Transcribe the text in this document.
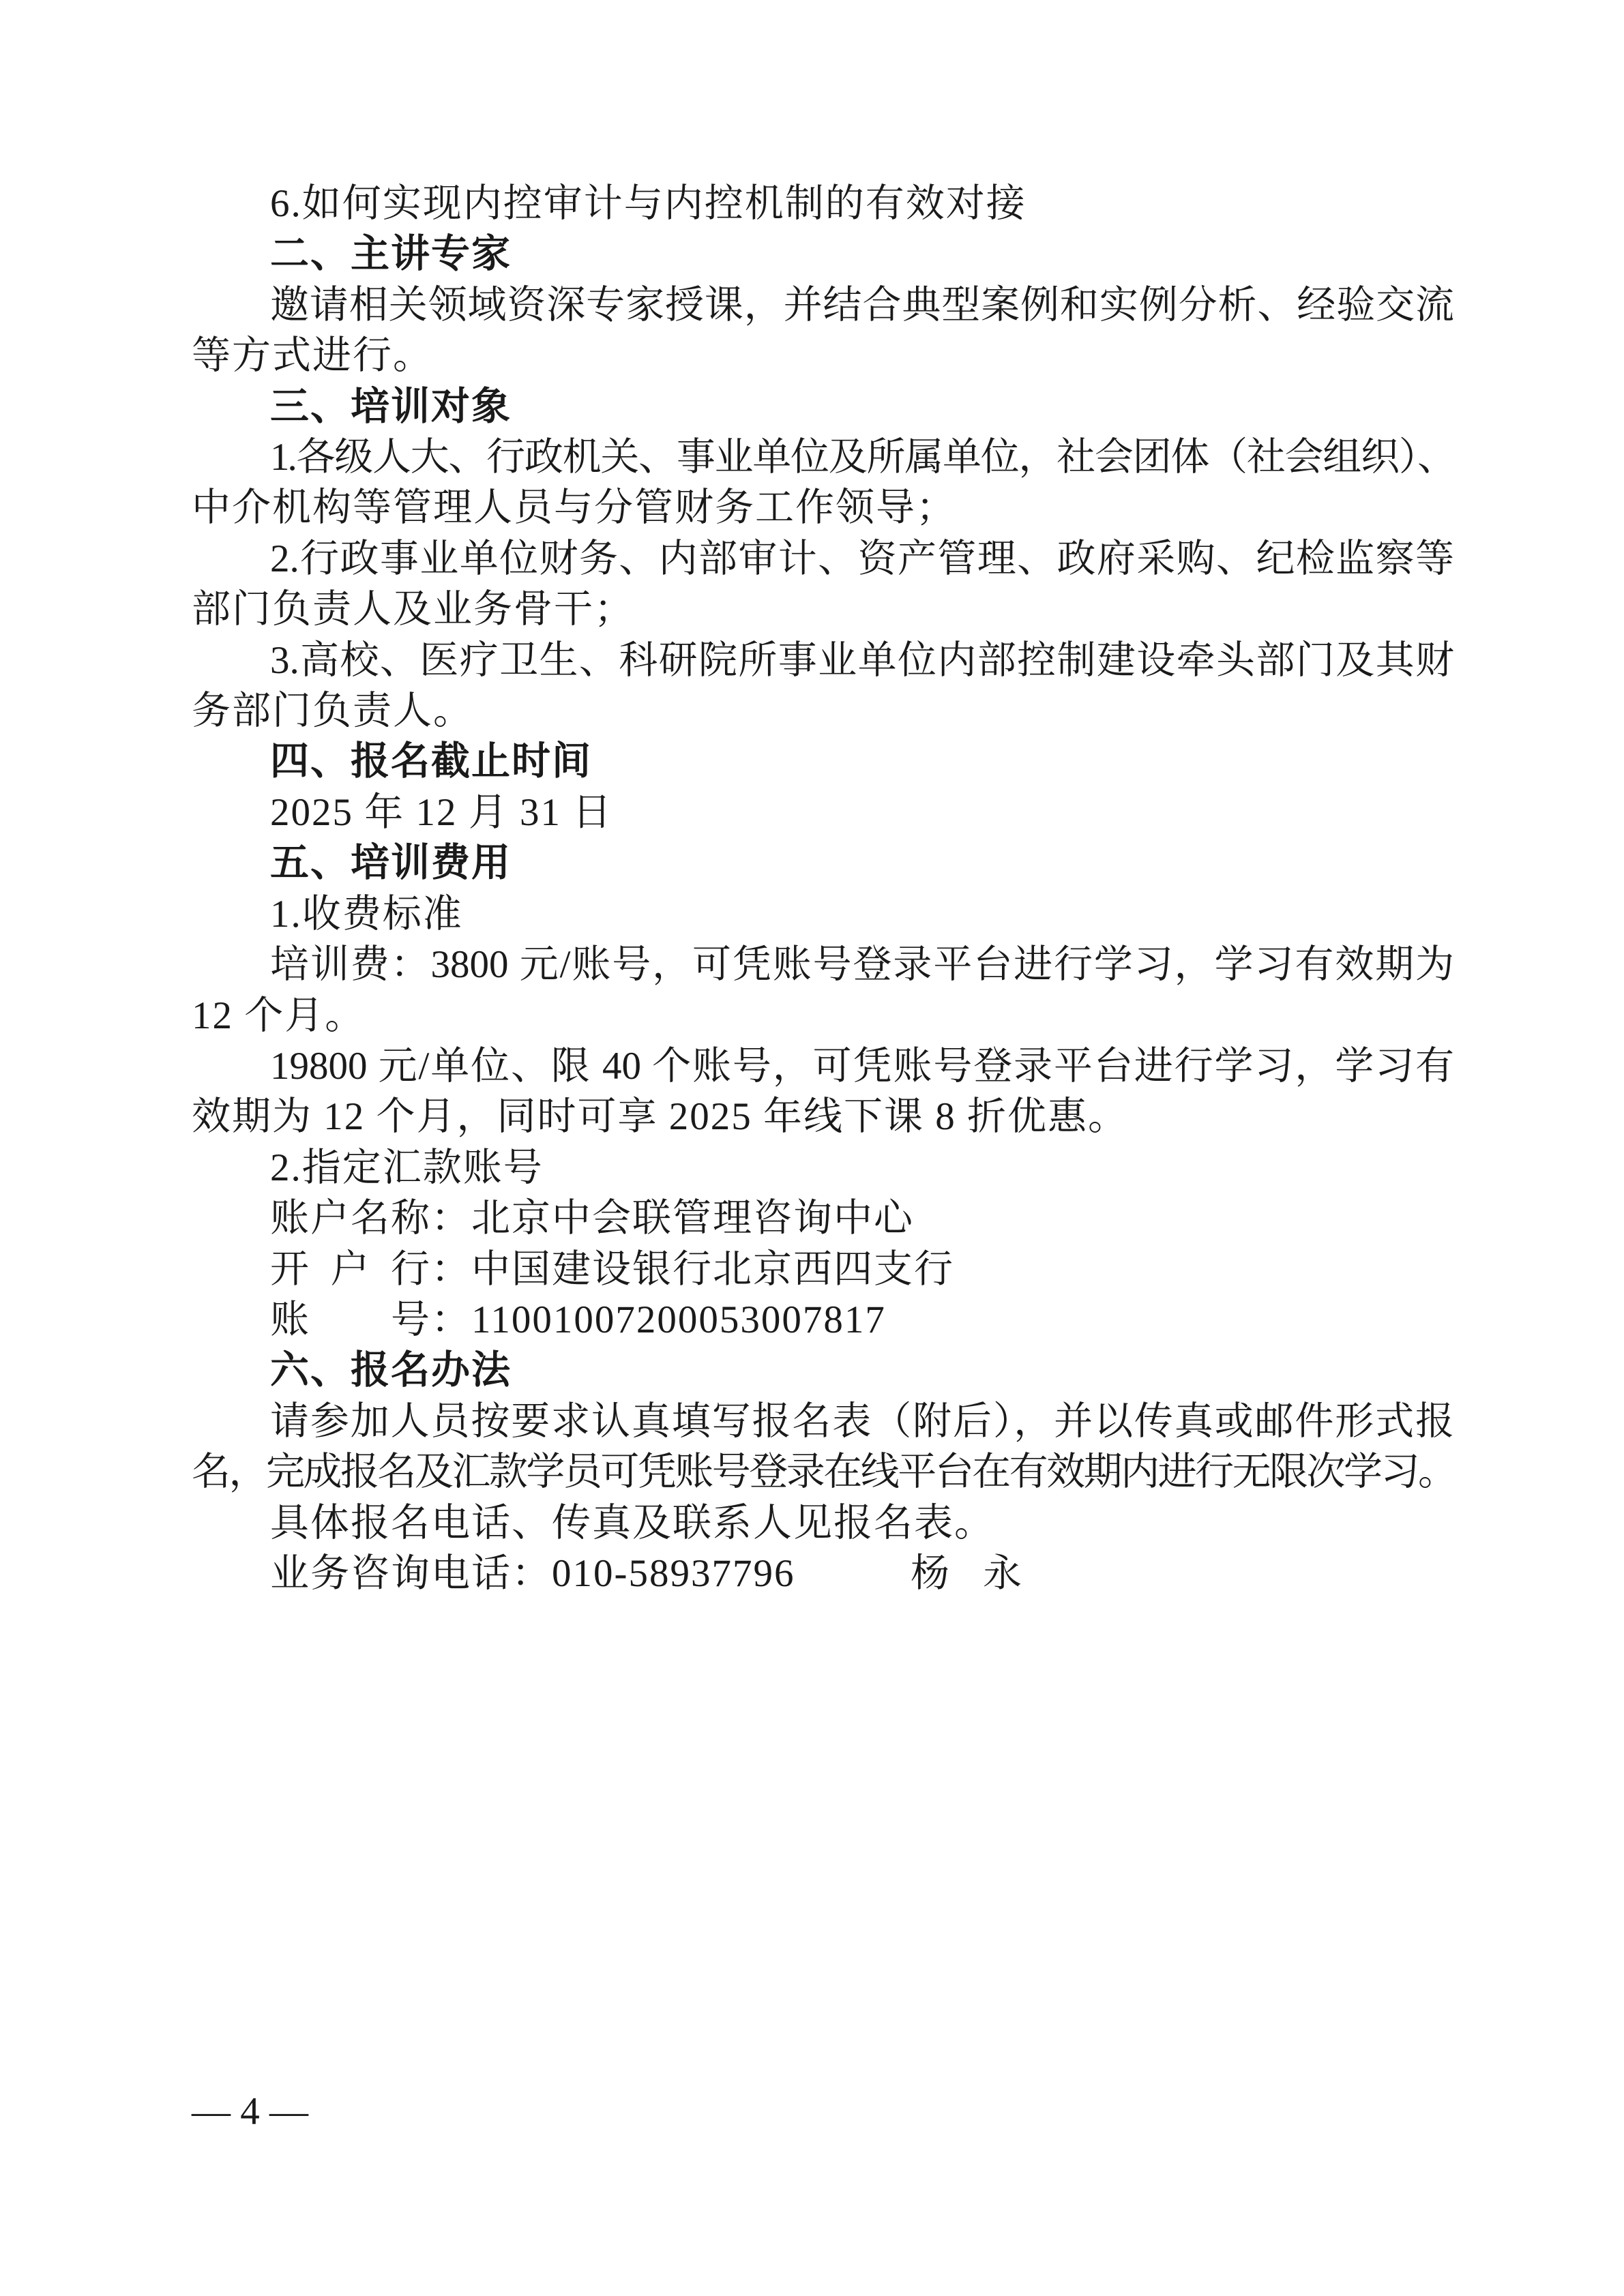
6.如何实现内控审计与内控机制的有效对接
二、主讲专家
邀请相关领域资深专家授课，并结合典型案例和实例分析、经验交流
等方式进行。
三、培训对象
1.各级人大、行政机关、事业单位及所属单位，社会团体（社会组织）、
中介机构等管理人员与分管财务工作领导；
2.行政事业单位财务、内部审计、资产管理、政府采购、纪检监察等
部门负责人及业务骨干；
3.高校、医疗卫生、科研院所事业单位内部控制建设牵头部门及其财
务部门负责人。
四、报名截止时间
2025 年 12 月 31 日
五、培训费用
1.收费标准
培训费：3800 元/账号，可凭账号登录平台进行学习，学习有效期为
12 个月。
19800 元/单位、限 40 个账号，可凭账号登录平台进行学习，学习有
效期为 12 个月，同时可享 2025 年线下课 8 折优惠。
2.指定汇款账号
账户名称：北京中会联管理咨询中心
开 户 行：中国建设银行北京西四支行
账 号：11001007200053007817
六、报名办法
请参加人员按要求认真填写报名表（附后），并以传真或邮件形式报
名，完成报名及汇款学员可凭账号登录在线平台在有效期内进行无限次学习。
具体报名电话、传真及联系人见报名表。
业务咨询电话：010-58937796	杨 永
— 4 —
